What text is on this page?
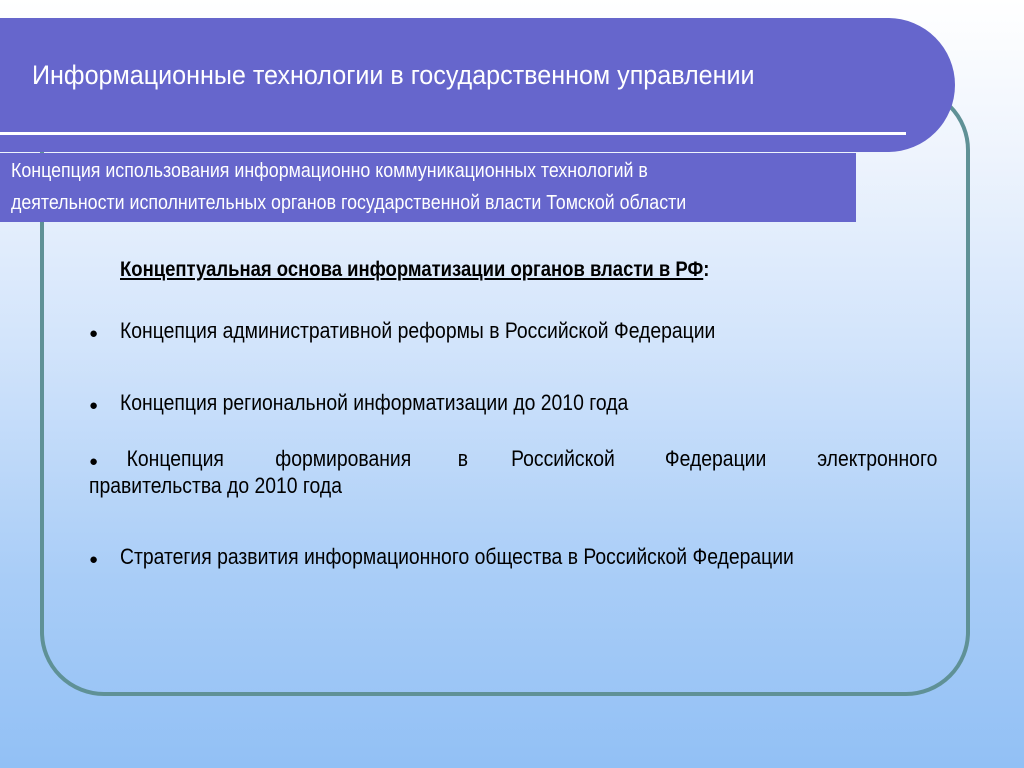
Информационные технологии в государственном управлении
Концепция использования информационно коммуникационных технологий в
деятельности исполнительных органов государственной власти Томской области
Концептуальная основа информатизации органов власти в РФ:
● Концепция административной реформы в Российской Федерации
● Концепция региональной информатизации до 2010 года
● Концепция формирования в Российской Федерации электронного
правительства до 2010 года
● Стратегия развития информационного общества в Российской Федерации
